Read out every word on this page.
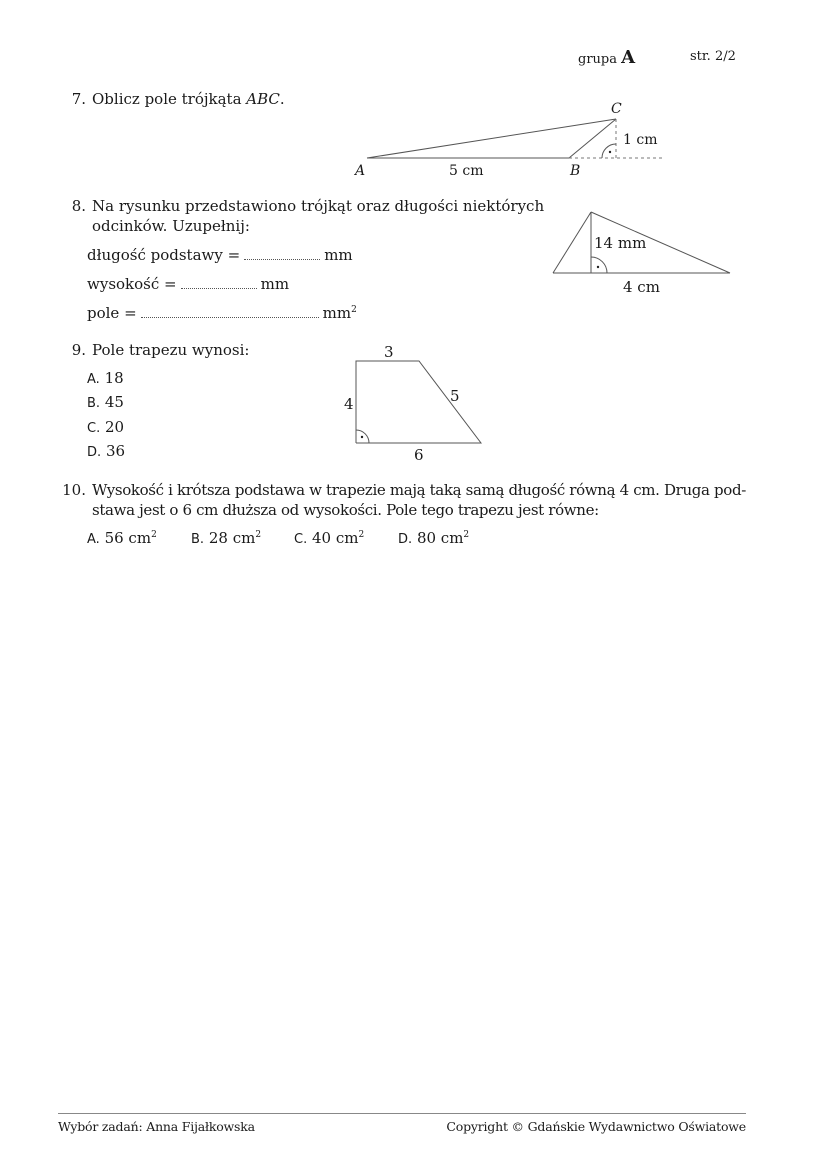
grupa A	str. 2/2
7. Oblicz pole trójkąta ABC.
A	B
C
5 cm
1 cm
8. Na rysunku przedstawiono trójkąt oraz długości niektórych
odcinków. Uzupełnij:
długość podstawy =	mm
wysokość =	mm
pole =	$mm^2$
14 mm
4 cm
9. Pole trapezu wynosi:
A. 18
B. 45
C. 20
D. 36
3
4	5
6
10. Wysokość i krótsza podstawa w trapezie mają taką samą długość równą 4 cm. Druga pod-
stawa jest o 6 cm dłuższa od wysokości. Pole tego trapezu jest równe:
A. 56 $cm^2$	B. 28 $cm^2$	C. 40 $cm^2$	D. 80 $cm^2$
Wybór zadań: Anna Fijałkowska	Copyright © Gdańskie Wydawnictwo Oświatowe
